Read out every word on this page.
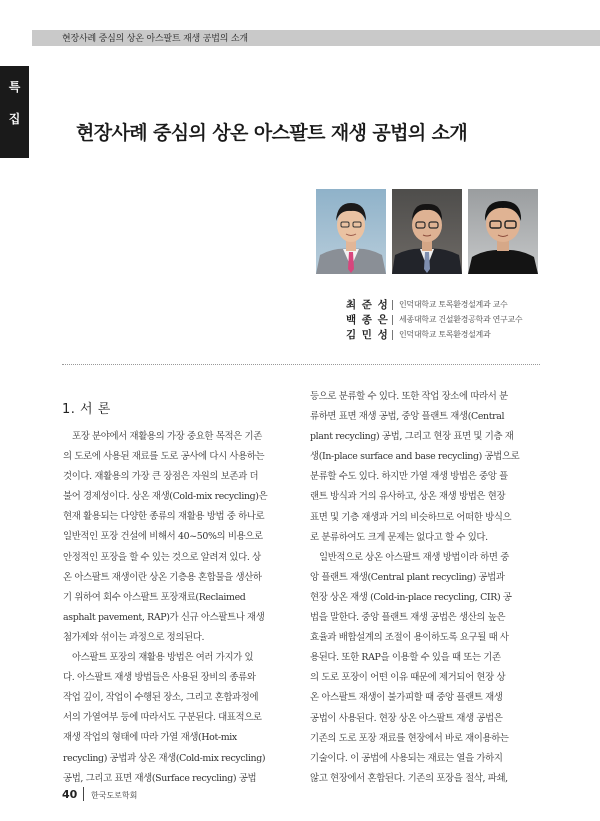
현장사례 중심의 상온 아스팔트 재생 공법의 소개
특
집
현장사례 중심의 상온 아스팔트 재생 공법의 소개
최 준 성	인덕대학교 토목환경설계과 교수
백 종 은	세종대학교 건설환경공학과 연구교수
김 민 성	인덕대학교 토목환경설계과
1. 서 론
포장 분야에서 재활용의 가장 중요한 목적은 기존
의 도로에 사용된 재료를 도로 공사에 다시 사용하는
것이다. 재활용의 가장 큰 장점은 자원의 보존과 더
불어 경제성이다. 상온 재생(Cold-mix recycling)은
현재 활용되는 다양한 종류의 재활용 방법 중 하나로
일반적인 포장 건설에 비해서 40~50%의 비용으로
안정적인 포장을 할 수 있는 것으로 알려져 있다. 상
온 아스팔트 재생이란 상온 기층용 혼합물을 생산하
기 위하여 회수 아스팔트 포장재료(Reclaimed
asphalt pavement, RAP)가 신규 아스팔트나 재생
첨가제와 섞이는 과정으로 정의된다.
아스팔트 포장의 재활용 방법은 여러 가지가 있
다. 아스팔트 재생 방법들은 사용된 장비의 종류와
작업 깊이, 작업이 수행된 장소, 그리고 혼합과정에
서의 가열여부 등에 따라서도 구분된다. 대표적으로
재생 작업의 형태에 따라 가열 재생(Hot-mix
recycling) 공법과 상온 재생(Cold-mix recycling)
공법, 그리고 표면 재생(Surface recycling) 공법
등으로 분류할 수 있다. 또한 작업 장소에 따라서 분
류하면 표면 재생 공법, 중앙 플랜트 재생(Central
plant recycling) 공법, 그리고 현장 표면 및 기층 재
생(In-place surface and base recycling) 공법으로
분류할 수도 있다. 하지만 가열 재생 방법은 중앙 플
랜트 방식과 거의 유사하고, 상온 재생 방법은 현장
표면 및 기층 재생과 거의 비슷하므로 어떠한 방식으
로 분류하여도 크게 문제는 없다고 할 수 있다.
일반적으로 상온 아스팔트 재생 방법이라 하면 중
앙 플랜트 재생(Central plant recycling) 공법과
현장 상온 재생 (Cold-in-place recycling, CIR) 공
법을 말한다. 중앙 플랜트 재생 공법은 생산의 높은
효율과 배합설계의 조절이 용이하도록 요구될 때 사
용된다. 또한 RAP을 이용할 수 있을 때 또는 기존
의 도로 포장이 어떤 이유 때문에 제거되어 현장 상
온 아스팔트 재생이 불가피할 때 중앙 플랜트 재생
공법이 사용된다. 현장 상온 아스팔트 재생 공법은
기존의 도로 포장 재료를 현장에서 바로 재이용하는
기술이다. 이 공법에 사용되는 재료는 열을 가하지
않고 현장에서 혼합된다. 기존의 포장을 절삭, 파쇄,
40 한국도로학회
